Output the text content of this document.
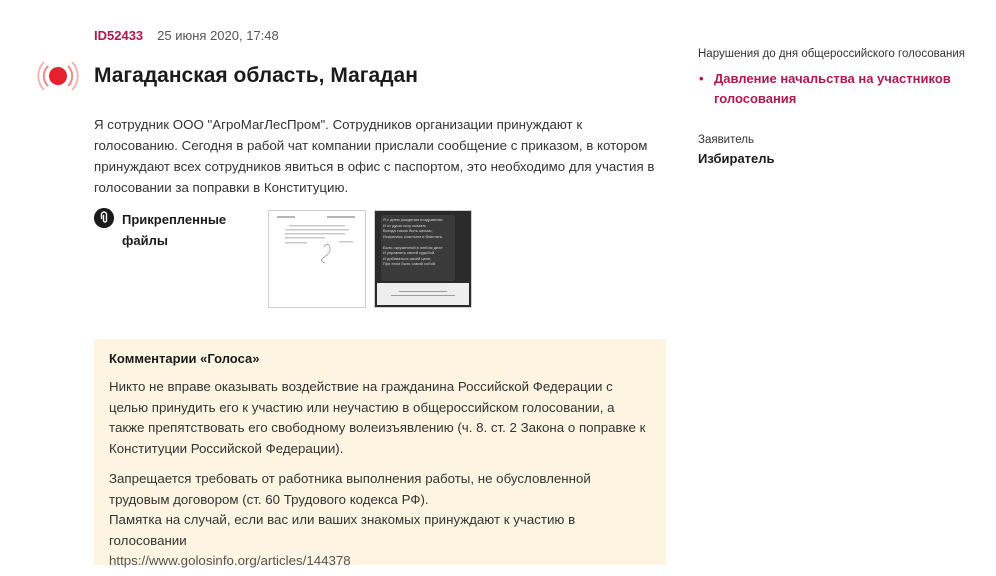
ID52433 25 июня 2020, 17:48
Магаданская область, Магадан

Я сотрудник ООО "АгроМагЛесПром". Сотрудников организации принуждают к голосованию. Сегодня в рабой чат компании прислали сообщение с приказом, в котором принуждают всех сотрудников явиться в офис с паспортом, это необходимо для участия в голосовании за поправки в Конституцию.

Прикрепленные файлы
Я с днем рождения поздравляю
И от души хочу сказать
Всегда такою быть желаю,
Искрилась счастьем и блистать.

Быть окруженной в любом деле
И управлять своей судьбой.
И добиваться своей цели,
При этом быть самой собой.
Комментарии «Голоса»

Никто не вправе оказывать воздействие на гражданина Российской Федерации с целью принудить его к участию или неучастию в общероссийском голосовании, а также препятствовать его свободному волеизъявлению (ч. 8. ст. 2 Закона о поправке к Конституции Российской Федерации).

Запрещается требовать от работника выполнения работы, не обусловленной трудовым договором (ст. 60 Трудового кодекса РФ).
Памятка на случай, если вас или ваших знакомых принуждают к участию в голосовании
https://www.golosinfo.org/articles/144378

Нарушения до дня общероссийского голосования
• Давление начальства на участников голосования
Заявитель
Избиратель
